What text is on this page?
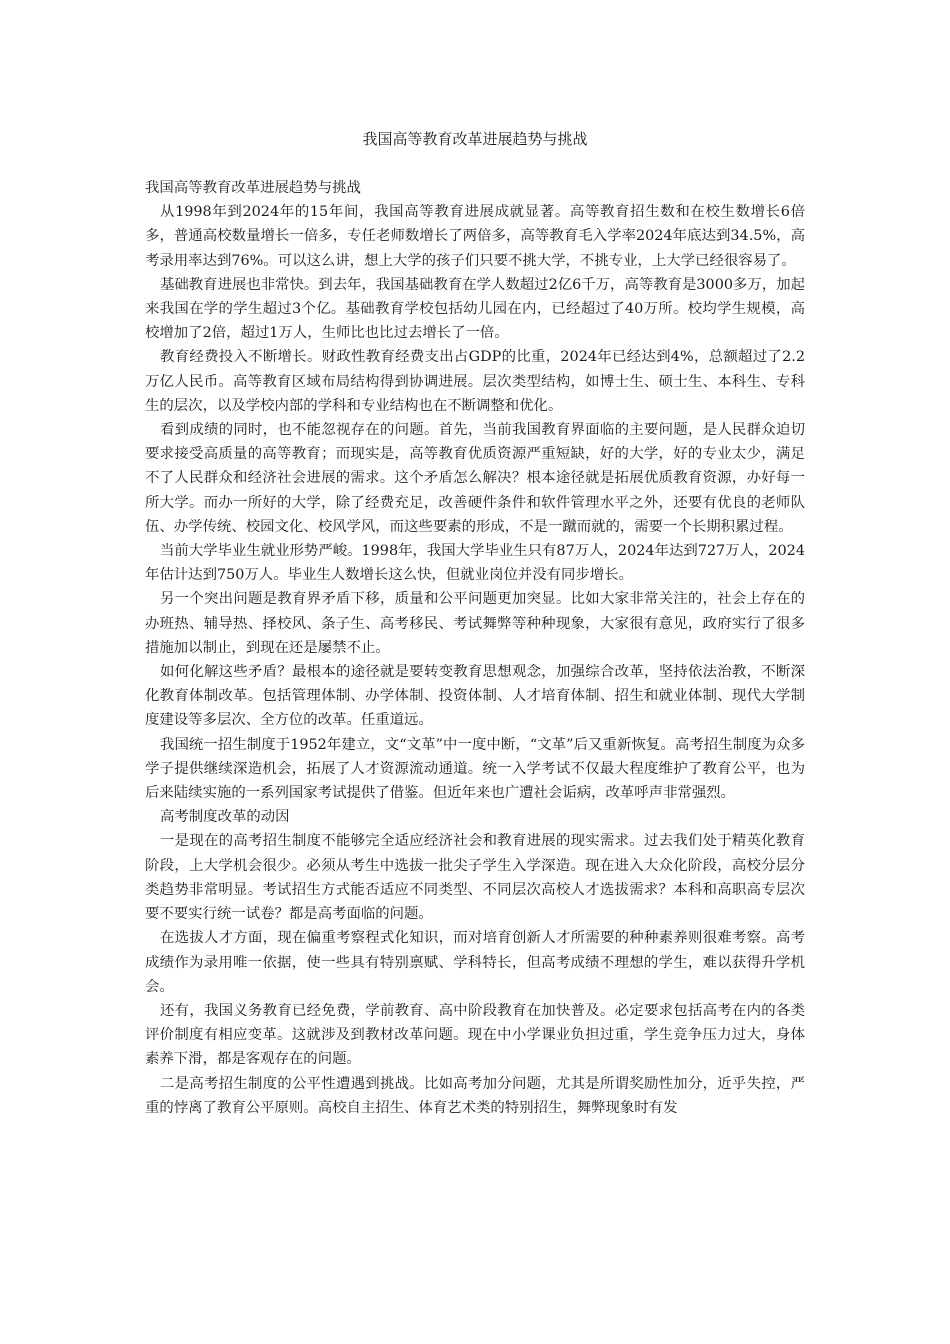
我国高等教育改革进展趋势与挑战

我国高等教育改革进展趋势与挑战

从1998年到2024年的15年间，我国高等教育进展成就显著。高等教育招生数和在校生数增长6倍多，普通高校数量增长一倍多，专任老师数增长了两倍多，高等教育毛入学率2024年底达到34.5%，高考录用率达到76%。可以这么讲，想上大学的孩子们只要不挑大学，不挑专业，上大学已经很容易了。

基础教育进展也非常快。到去年，我国基础教育在学人数超过2亿6千万，高等教育是3000多万，加起来我国在学的学生超过3个亿。基础教育学校包括幼儿园在内，已经超过了40万所。校均学生规模，高校增加了2倍，超过1万人，生师比也比过去增长了一倍。

教育经费投入不断增长。财政性教育经费支出占GDP的比重，2024年已经达到4%，总额超过了2.2万亿人民币。高等教育区域布局结构得到协调进展。层次类型结构，如博士生、硕士生、本科生、专科生的层次，以及学校内部的学科和专业结构也在不断调整和优化。

看到成绩的同时，也不能忽视存在的问题。首先，当前我国教育界面临的主要问题，是人民群众迫切要求接受高质量的高等教育；而现实是，高等教育优质资源严重短缺，好的大学，好的专业太少，满足不了人民群众和经济社会进展的需求。这个矛盾怎么解决？根本途径就是拓展优质教育资源，办好每一所大学。而办一所好的大学，除了经费充足，改善硬件条件和软件管理水平之外，还要有优良的老师队伍、办学传统、校园文化、校风学风，而这些要素的形成，不是一蹴而就的，需要一个长期积累过程。

当前大学毕业生就业形势严峻。1998年，我国大学毕业生只有87万人，2024年达到727万人，2024年估计达到750万人。毕业生人数增长这么快，但就业岗位并没有同步增长。

另一个突出问题是教育界矛盾下移，质量和公平问题更加突显。比如大家非常关注的，社会上存在的办班热、辅导热、择校风、条子生、高考移民、考试舞弊等种种现象，大家很有意见，政府实行了很多措施加以制止，到现在还是屡禁不止。

如何化解这些矛盾？最根本的途径就是要转变教育思想观念，加强综合改革，坚持依法治教，不断深化教育体制改革。包括管理体制、办学体制、投资体制、人才培育体制、招生和就业体制、现代大学制度建设等多层次、全方位的改革。任重道远。

我国统一招生制度于1952年建立，文“文革”中一度中断，“文革”后又重新恢复。高考招生制度为众多学子提供继续深造机会，拓展了人才资源流动通道。统一入学考试不仅最大程度维护了教育公平，也为后来陆续实施的一系列国家考试提供了借鉴。但近年来也广遭社会诟病，改革呼声非常强烈。

高考制度改革的动因

一是现在的高考招生制度不能够完全适应经济社会和教育进展的现实需求。过去我们处于精英化教育阶段，上大学机会很少。必须从考生中选拔一批尖子学生入学深造。现在进入大众化阶段，高校分层分类趋势非常明显。考试招生方式能否适应不同类型、不同层次高校人才选拔需求？本科和高职高专层次要不要实行统一试卷？都是高考面临的问题。

在选拔人才方面，现在偏重考察程式化知识，而对培育创新人才所需要的种种素养则很难考察。高考成绩作为录用唯一依据，使一些具有特别禀赋、学科特长，但高考成绩不理想的学生，难以获得升学机会。

还有，我国义务教育已经免费，学前教育、高中阶段教育在加快普及。必定要求包括高考在内的各类评价制度有相应变革。这就涉及到教材改革问题。现在中小学课业负担过重，学生竞争压力过大，身体素养下滑，都是客观存在的问题。

二是高考招生制度的公平性遭遇到挑战。比如高考加分问题，尤其是所谓奖励性加分，近乎失控，严重的悖离了教育公平原则。高校自主招生、体育艺术类的特别招生，舞弊现象时有发
